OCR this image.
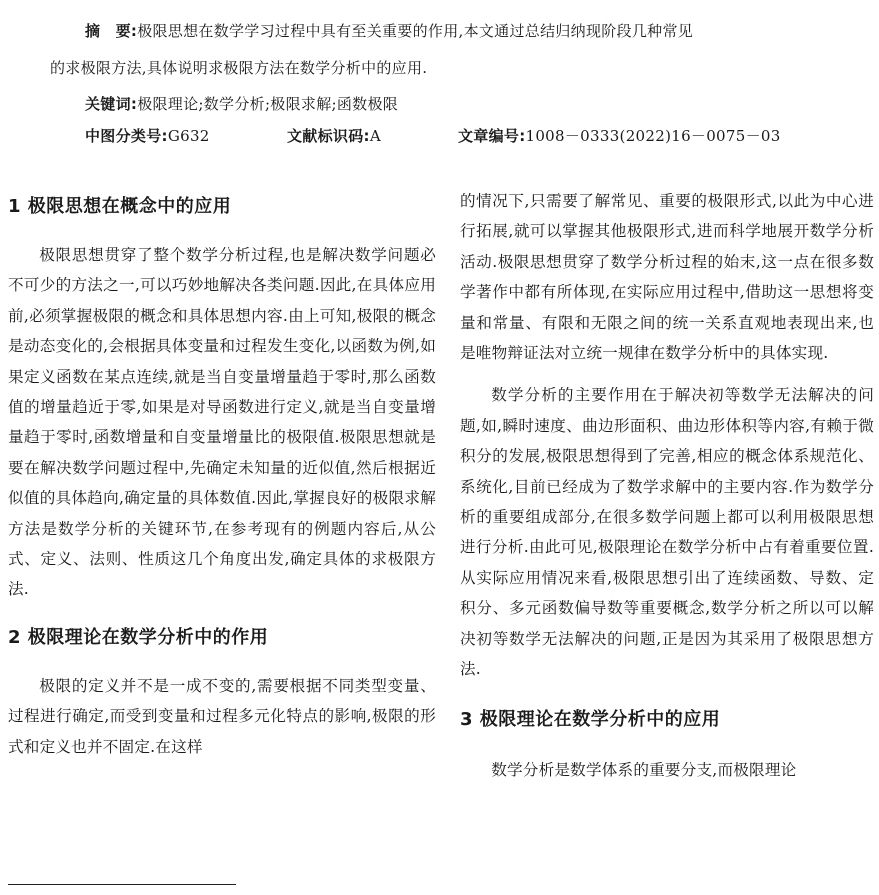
摘　要:极限思想在数学学习过程中具有至关重要的作用,本文通过总结归纳现阶段几种常见
的求极限方法,具体说明求极限方法在数学分析中的应用.
关键词:极限理论;数学分析;极限求解;函数极限
中图分类号:G632	文献标识码:A	文章编号:1008－0333(2022)16－0075－03
1 极限思想在概念中的应用

极限思想贯穿了整个数学分析过程,也是解决数学问题必不可少的方法之一,可以巧妙地解决各类问题.因此,在具体应用前,必须掌握极限的概念和具体思想内容.由上可知,极限的概念是动态变化的,会根据具体变量和过程发生变化,以函数为例,如果定义函数在某点连续,就是当自变量增量趋于零时,那么函数值的增量趋近于零,如果是对导函数进行定义,就是当自变量增量趋于零时,函数增量和自变量增量比的极限值.极限思想就是要在解决数学问题过程中,先确定未知量的近似值,然后根据近似值的具体趋向,确定量的具体数值.因此,掌握良好的极限求解方法是数学分析的关键环节,在参考现有的例题内容后,从公式、定义、法则、性质这几个角度出发,确定具体的求极限方法.

2 极限理论在数学分析中的作用

极限的定义并不是一成不变的,需要根据不同类型变量、过程进行确定,而受到变量和过程多元化特点的影响,极限的形式和定义也并不固定.在这样

的情况下,只需要了解常见、重要的极限形式,以此为中心进行拓展,就可以掌握其他极限形式,进而科学地展开数学分析活动.极限思想贯穿了数学分析过程的始末,这一点在很多数学著作中都有所体现,在实际应用过程中,借助这一思想将变量和常量、有限和无限之间的统一关系直观地表现出来,也是唯物辩证法对立统一规律在数学分析中的具体实现.

数学分析的主要作用在于解决初等数学无法解决的问题,如,瞬时速度、曲边形面积、曲边形体积等内容,有赖于微积分的发展,极限思想得到了完善,相应的概念体系规范化、系统化,目前已经成为了数学求解中的主要内容.作为数学分析的重要组成部分,在很多数学问题上都可以利用极限思想进行分析.由此可见,极限理论在数学分析中占有着重要位置.从实际应用情况来看,极限思想引出了连续函数、导数、定积分、多元函数偏导数等重要概念,数学分析之所以可以解决初等数学无法解决的问题,正是因为其采用了极限思想方法.

3 极限理论在数学分析中的应用

数学分析是数学体系的重要分支,而极限理论
